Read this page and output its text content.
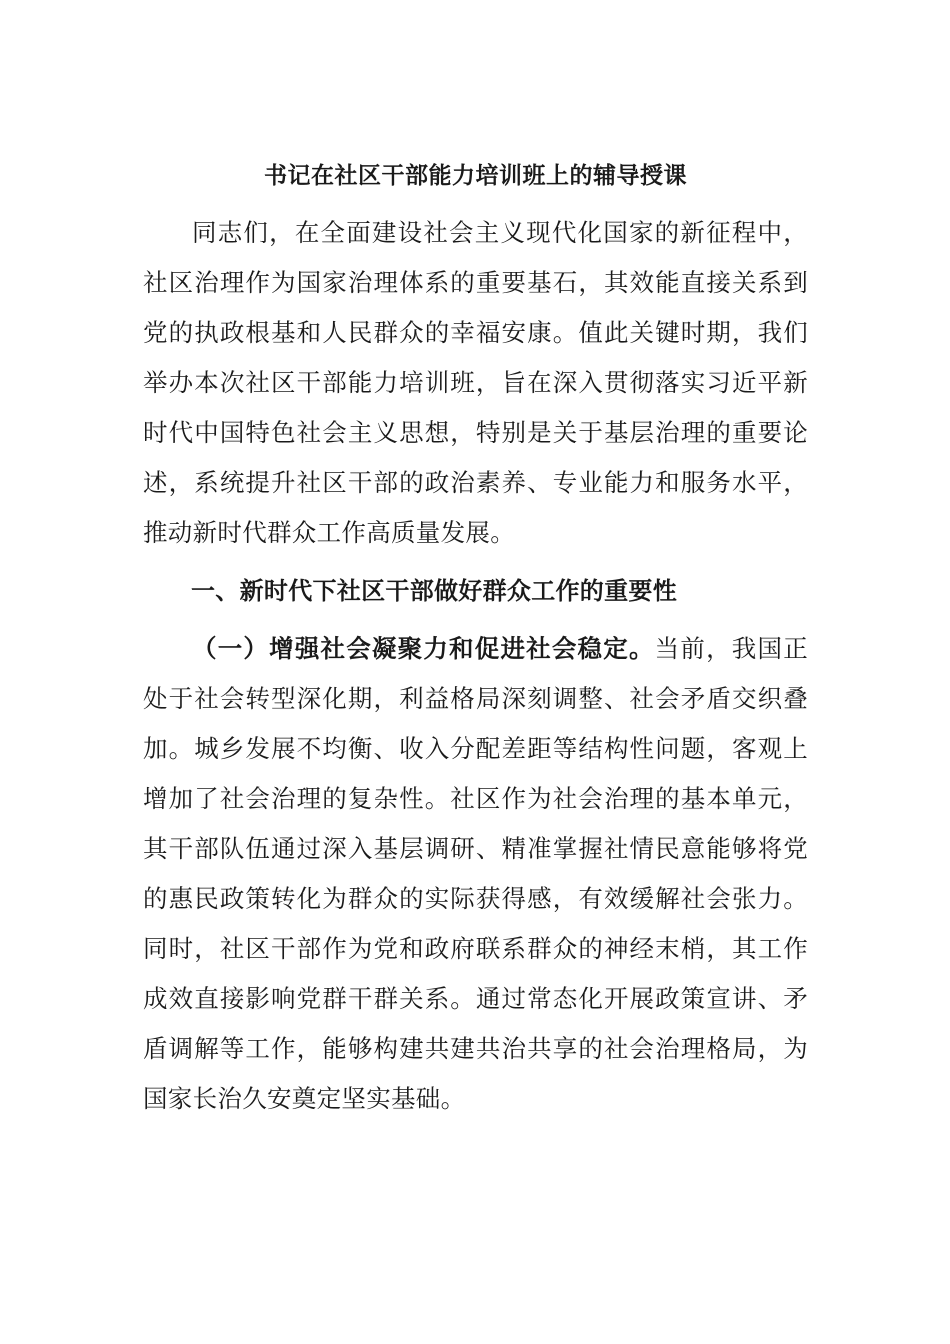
书记在社区干部能力培训班上的辅导授课

同志们，在全面建设社会主义现代化国家的新征程中，社区治理作为国家治理体系的重要基石，其效能直接关系到党的执政根基和人民群众的幸福安康。值此关键时期，我们举办本次社区干部能力培训班，旨在深入贯彻落实习近平新时代中国特色社会主义思想，特别是关于基层治理的重要论述，系统提升社区干部的政治素养、专业能力和服务水平，推动新时代群众工作高质量发展。

一、新时代下社区干部做好群众工作的重要性

（一）增强社会凝聚力和促进社会稳定。当前，我国正处于社会转型深化期，利益格局深刻调整、社会矛盾交织叠加。城乡发展不均衡、收入分配差距等结构性问题，客观上增加了社会治理的复杂性。社区作为社会治理的基本单元，其干部队伍通过深入基层调研、精准掌握社情民意能够将党的惠民政策转化为群众的实际获得感，有效缓解社会张力。同时，社区干部作为党和政府联系群众的神经末梢，其工作成效直接影响党群干群关系。通过常态化开展政策宣讲、矛盾调解等工作，能够构建共建共治共享的社会治理格局，为国家长治久安奠定坚实基础。
